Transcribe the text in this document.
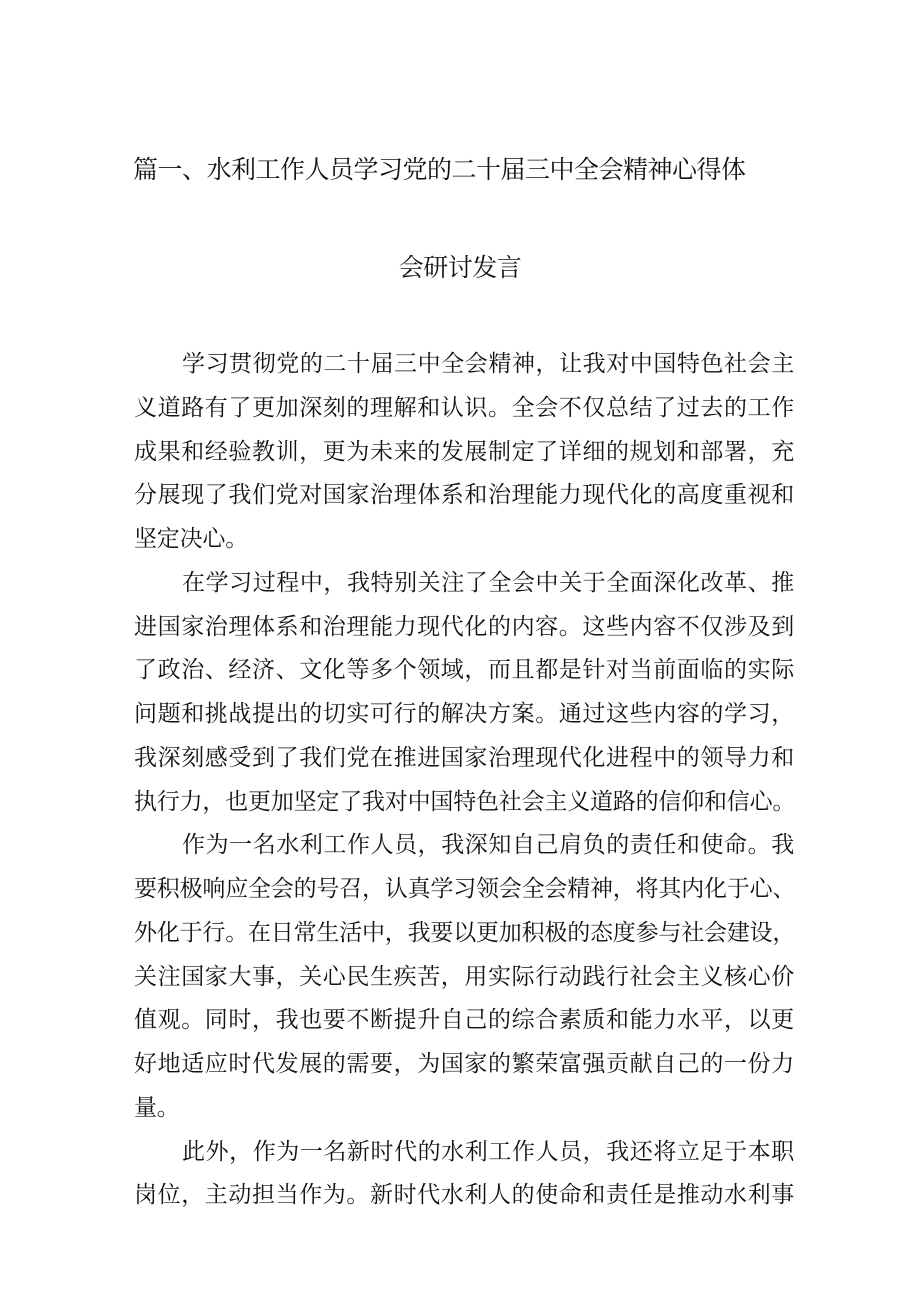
篇一、水利工作人员学习党的二十届三中全会精神心得体
会研讨发言
学习贯彻党的二十届三中全会精神，让我对中国特色社会主
义道路有了更加深刻的理解和认识。全会不仅总结了过去的工作
成果和经验教训，更为未来的发展制定了详细的规划和部署，充
分展现了我们党对国家治理体系和治理能力现代化的高度重视和
坚定决心。
在学习过程中，我特别关注了全会中关于全面深化改革、推
进国家治理体系和治理能力现代化的内容。这些内容不仅涉及到
了政治、经济、文化等多个领域，而且都是针对当前面临的实际
问题和挑战提出的切实可行的解决方案。通过这些内容的学习，
我深刻感受到了我们党在推进国家治理现代化进程中的领导力和
执行力，也更加坚定了我对中国特色社会主义道路的信仰和信心。
作为一名水利工作人员，我深知自己肩负的责任和使命。我
要积极响应全会的号召，认真学习领会全会精神，将其内化于心、
外化于行。在日常生活中，我要以更加积极的态度参与社会建设，
关注国家大事，关心民生疾苦，用实际行动践行社会主义核心价
值观。同时，我也要不断提升自己的综合素质和能力水平，以更
好地适应时代发展的需要，为国家的繁荣富强贡献自己的一份力
量。
此外，作为一名新时代的水利工作人员，我还将立足于本职
岗位，主动担当作为。新时代水利人的使命和责任是推动水利事
